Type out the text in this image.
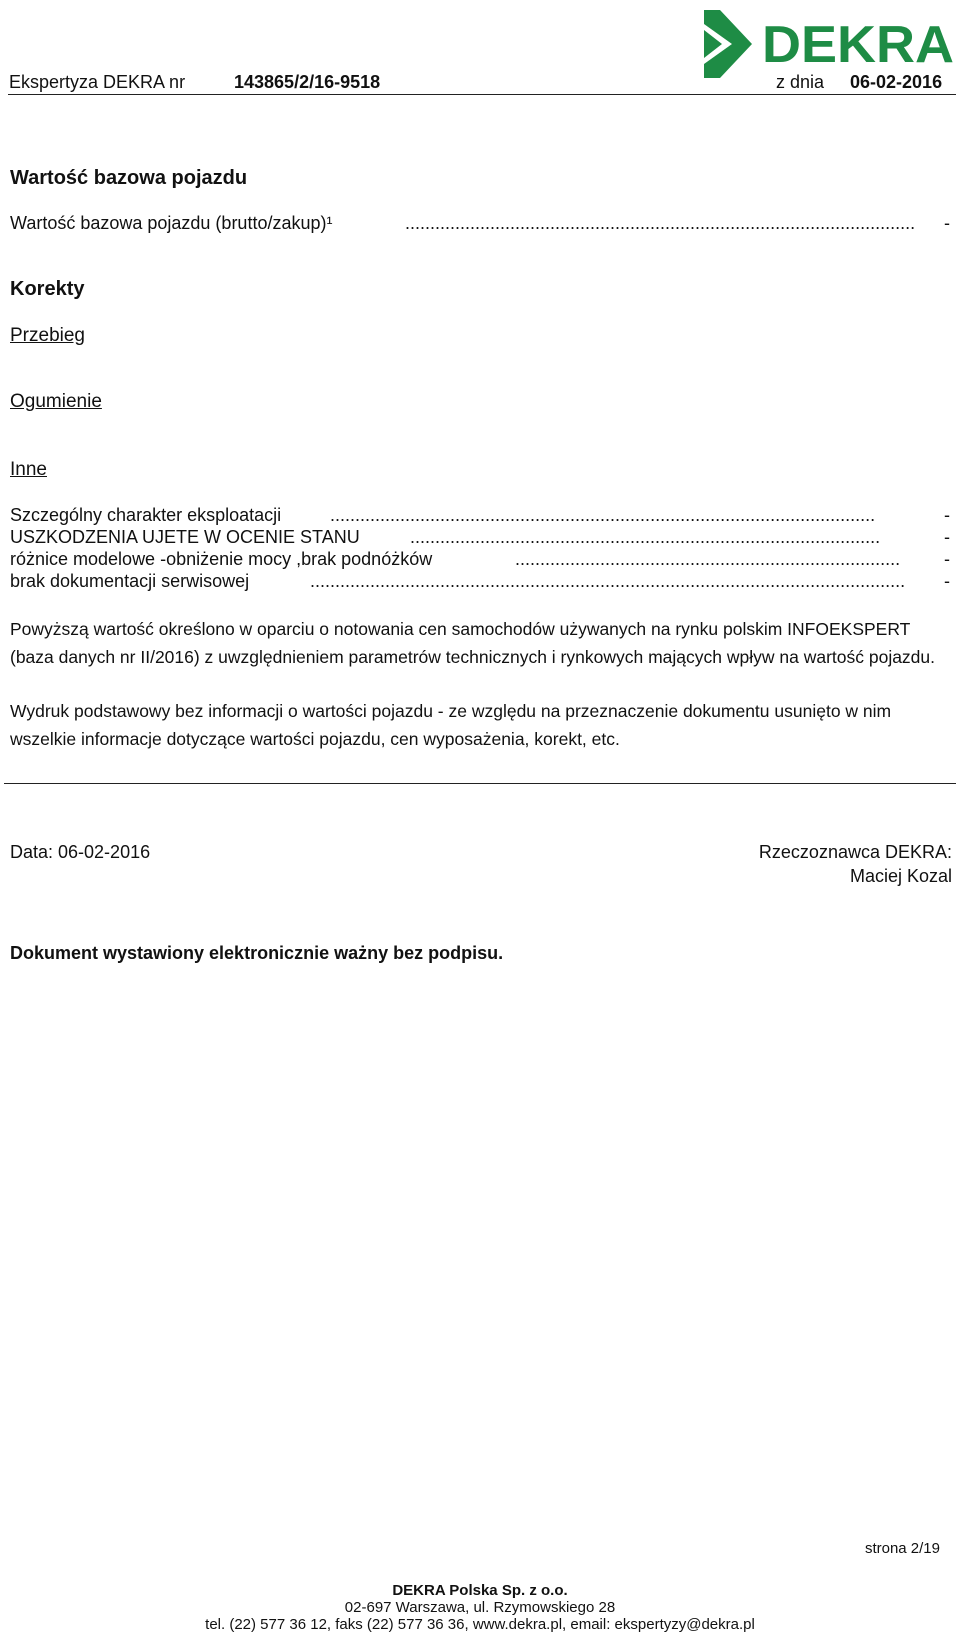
Ekspertyza DEKRA nr	143865/2/16-9518	z dnia 06-02-2016
DEKRA
Wartość bazowa pojazdu
Wartość bazowa pojazdu (brutto/zakup)¹	......................................................................................................	-
Korekty
Przebieg
Ogumienie
Inne
Szczególny charakter eksploatacji	.............................................................................................................	-
USZKODZENIA UJETE W OCENIE STANU	..............................................................................................	-
różnice modelowe -obniżenie mocy ,brak podnóżków	.............................................................................	-
brak dokumentacji serwisowej	.......................................................................................................................	-
Powyższą wartość określono w oparciu o notowania cen samochodów używanych na rynku polskim INFOEKSPERT (baza danych nr II/2016) z uwzględnieniem parametrów technicznych i rynkowych mających wpływ na wartość pojazdu.
Wydruk podstawowy bez informacji o wartości pojazdu - ze względu na przeznaczenie dokumentu usunięto w nim wszelkie informacje dotyczące wartości pojazdu, cen wyposażenia, korekt, etc.
Data: 06-02-2016	Rzeczoznawca DEKRA:
Maciej Kozal
Dokument wystawiony elektronicznie ważny bez podpisu.
strona 2/19
DEKRA Polska Sp. z o.o.
02-697 Warszawa, ul. Rzymowskiego 28
tel. (22) 577 36 12, faks (22) 577 36 36, www.dekra.pl, email: ekspertyzy@dekra.pl
